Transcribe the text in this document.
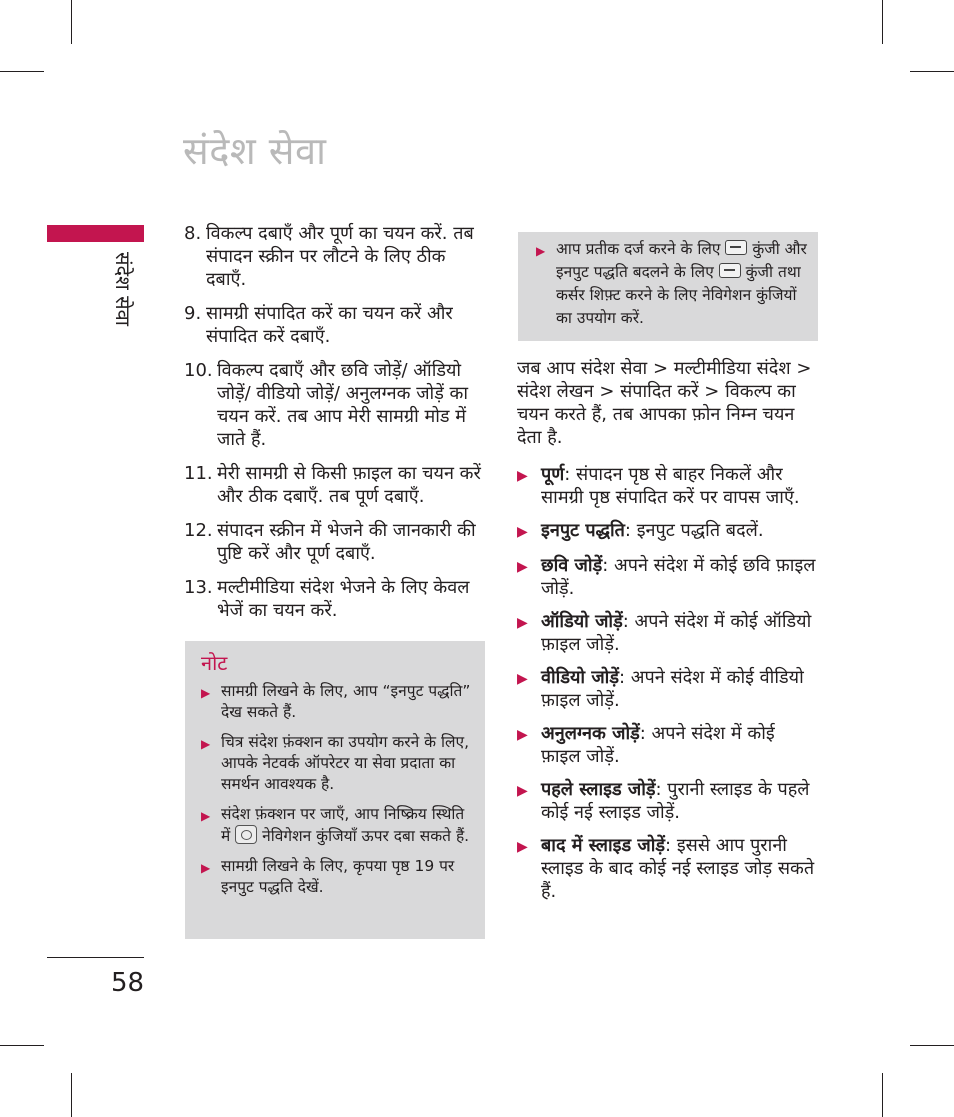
संदेश सेवा
संदेश सेवा
58
8. विकल्प दबाएँ और पूर्ण का चयन करें. तब संपादन स्क्रीन पर लौटने के लिए ठीक दबाएँ.
9. सामग्री संपादित करें का चयन करें और संपादित करें दबाएँ.
10. विकल्प दबाएँ और छवि जोड़ें/ ऑडियो जोड़ें/ वीडियो जोड़ें/ अनुलग्नक जोड़ें का चयन करें. तब आप मेरी सामग्री मोड में जाते हैं.
11. मेरी सामग्री से किसी फ़ाइल का चयन करें और ठीक दबाएँ. तब पूर्ण दबाएँ.
12. संपादन स्क्रीन में भेजने की जानकारी की पुष्टि करें और पूर्ण दबाएँ.
13. मल्टीमीडिया संदेश भेजने के लिए केवल भेजें का चयन करें.
नोट
▶ सामग्री लिखने के लिए, आप “इनपुट पद्धति” देख सकते हैं.
▶ चित्र संदेश फ़ंक्शन का उपयोग करने के लिए, आपके नेटवर्क ऑपरेटर या सेवा प्रदाता का समर्थन आवश्यक है.
▶ संदेश फ़ंक्शन पर जाएँ, आप निष्क्रिय स्थिति में नेविगेशन कुंजियाँ ऊपर दबा सकते हैं.
▶ सामग्री लिखने के लिए, कृपया पृष्ठ 19 पर इनपुट पद्धति देखें.
▶ आप प्रतीक दर्ज करने के लिए कुंजी और इनपुट पद्धति बदलने के लिए कुंजी तथा कर्सर शिफ़्ट करने के लिए नेविगेशन कुंजियों का उपयोग करें.
जब आप संदेश सेवा > मल्टीमीडिया संदेश > संदेश लेखन > संपादित करें > विकल्प का चयन करते हैं, तब आपका फ़ोन निम्न चयन देता है.
▶ पूर्ण: संपादन पृष्ठ से बाहर निकलें और सामग्री पृष्ठ संपादित करें पर वापस जाएँ.
▶ इनपुट पद्धति: इनपुट पद्धति बदलें.
▶ छवि जोड़ें: अपने संदेश में कोई छवि फ़ाइल जोड़ें.
▶ ऑडियो जोड़ें: अपने संदेश में कोई ऑडियो फ़ाइल जोड़ें.
▶ वीडियो जोड़ें: अपने संदेश में कोई वीडियो फ़ाइल जोड़ें.
▶ अनुलग्नक जोड़ें: अपने संदेश में कोई फ़ाइल जोड़ें.
▶ पहले स्लाइड जोड़ें: पुरानी स्लाइड के पहले कोई नई स्लाइड जोड़ें.
▶ बाद में स्लाइड जोड़ें: इससे आप पुरानी स्लाइड के बाद कोई नई स्लाइड जोड़ सकते हैं.
